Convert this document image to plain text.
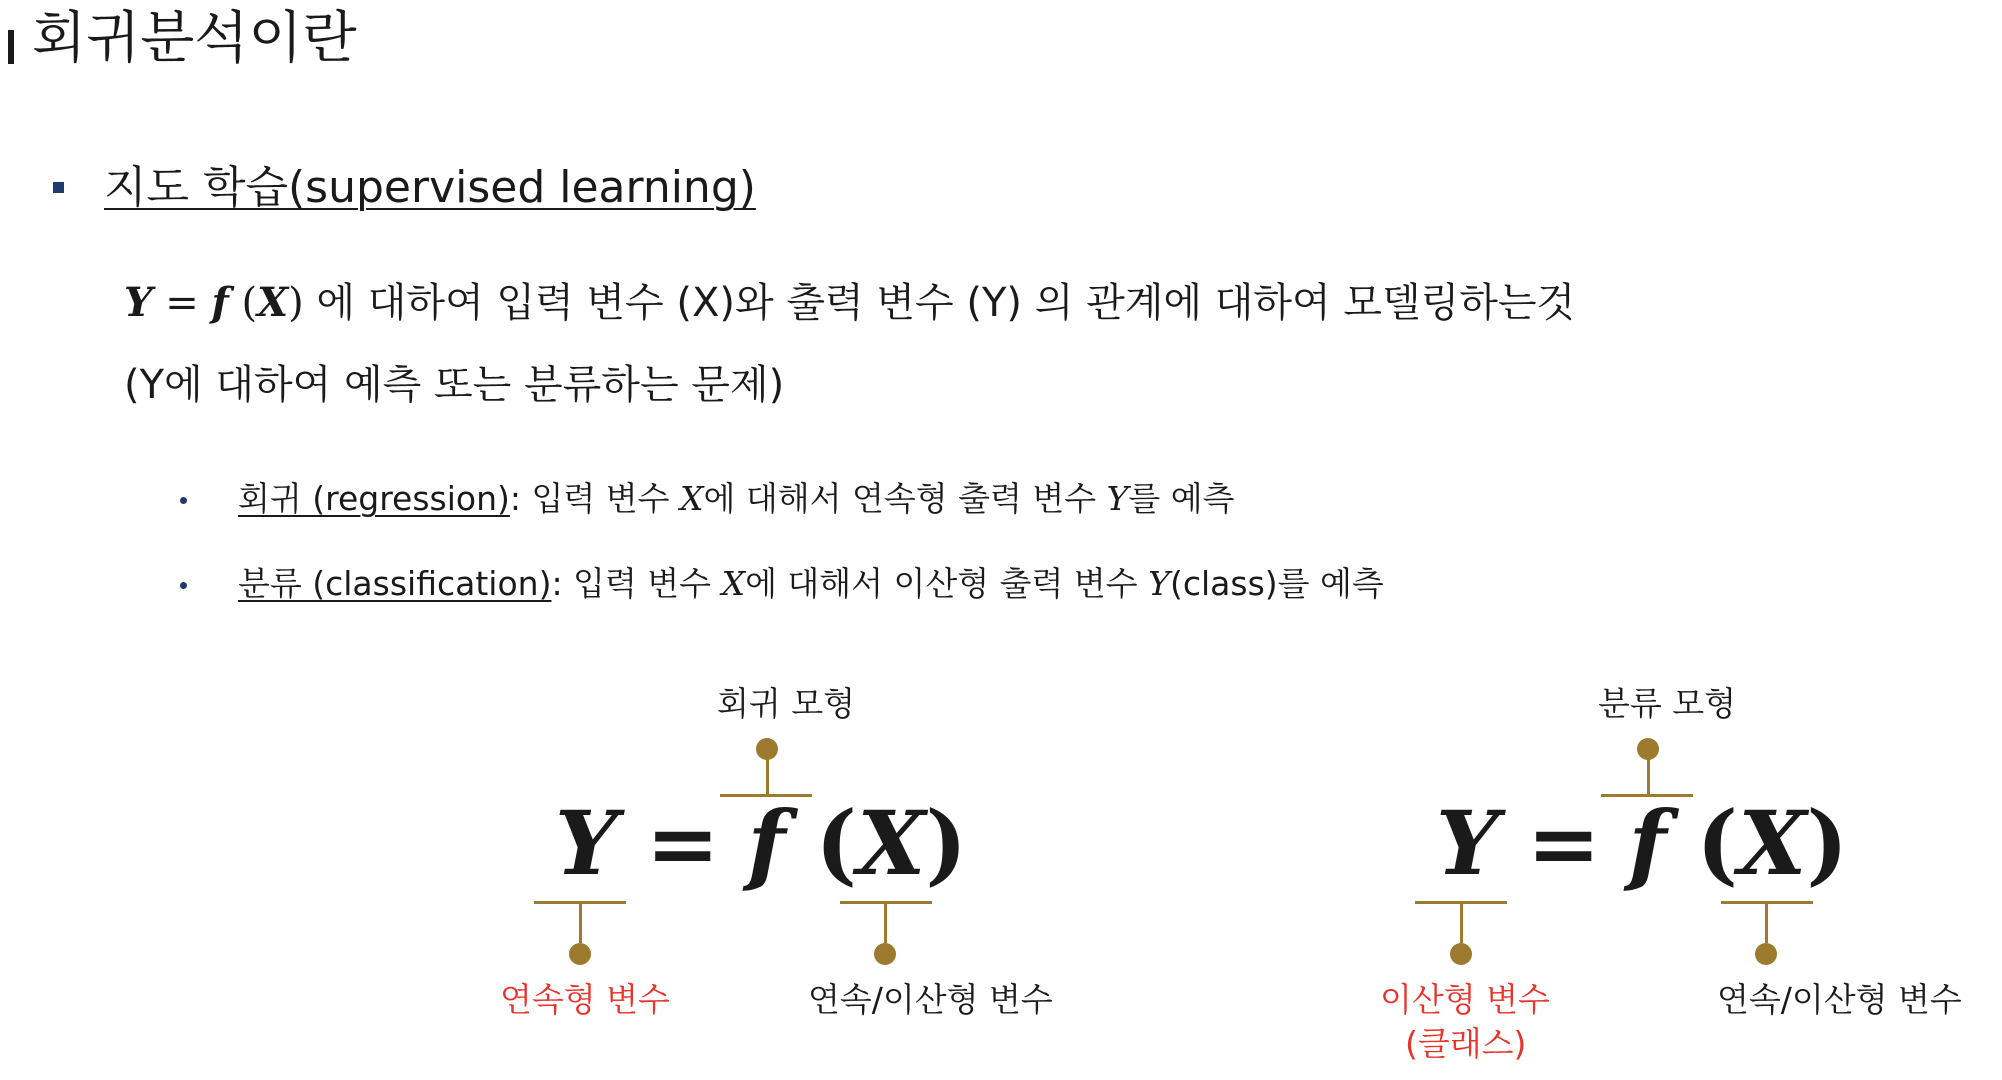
회귀분석이란
지도 학습(supervised learning)
Y = f (X) 에 대하여 입력 변수 (X)와 출력 변수 (Y) 의 관계에 대하여 모델링하는것
(Y에 대하여 예측 또는 분류하는 문제)
회귀 (regression): 입력 변수 X에 대해서 연속형 출력 변수 Y를 예측
분류 (classification): 입력 변수 X에 대해서 이산형 출력 변수 Y(class)를 예측
회귀 모형
Y = f (X)
연속형 변수	연속/이산형 변수
분류 모형
Y = f (X)
이산형 변수
(클래스)
연속/이산형 변수
